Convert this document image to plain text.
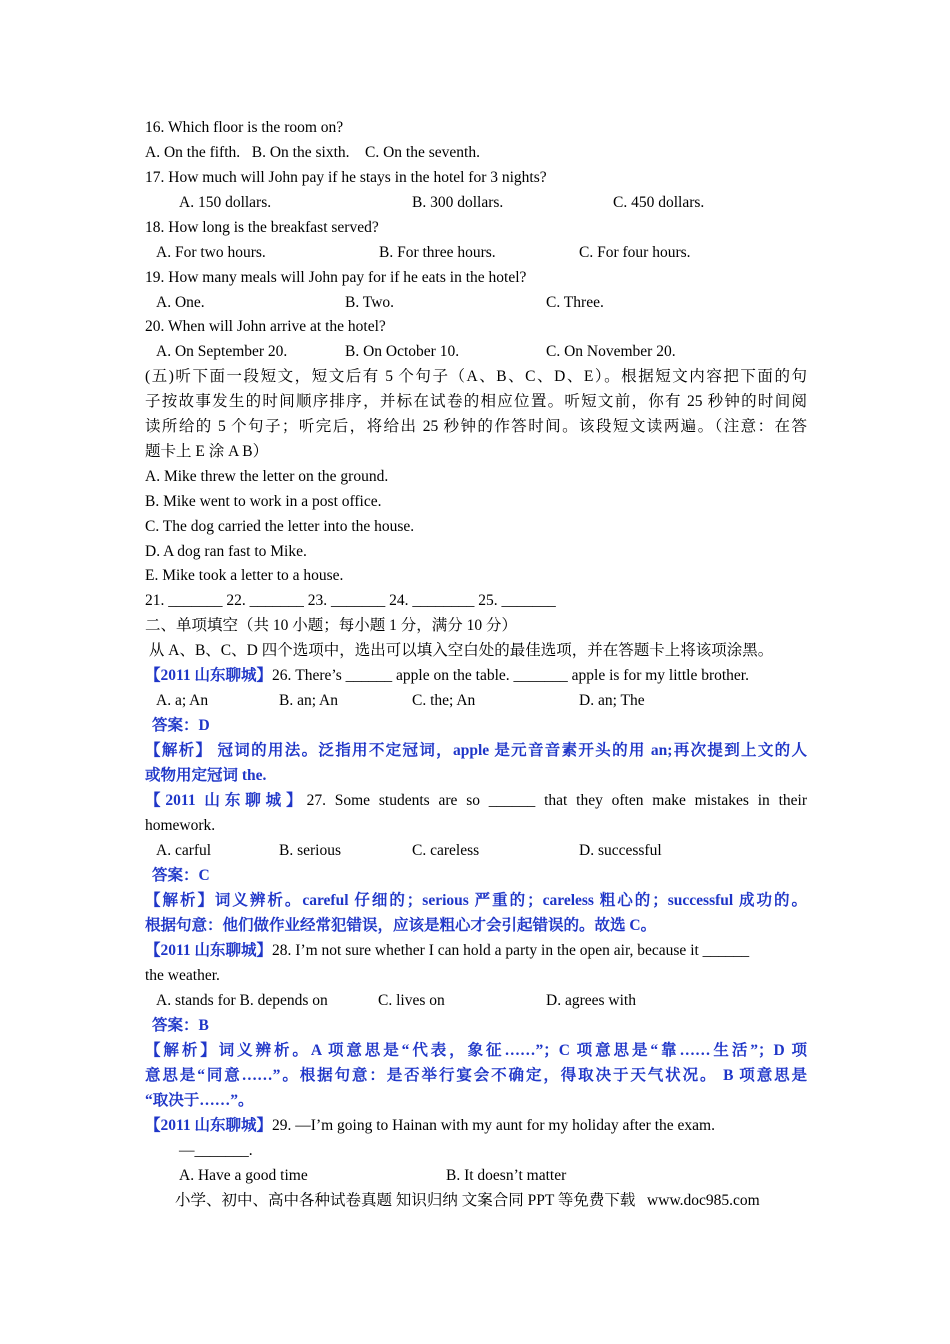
16. Which floor is the room on?
A. On the fifth.   B. On the sixth.    C. On the seventh.
17. How much will John pay if he stays in the hotel for 3 nights?
A. 150 dollars.	B. 300 dollars.	C. 450 dollars.
18. How long is the breakfast served?
A. For two hours.	B. For three hours.	C. For four hours.
19. How many meals will John pay for if he eats in the hotel?
A. One.	B. Two.	C. Three.
20. When will John arrive at the hotel?
A. On September 20.	B. On October 10.	C. On November 20.
(五)听下面一段短文，短文后有 5 个句子（A、B、C、D、E）。根据短文内容把下面的句
子按故事发生的时间顺序排序，并标在试卷的相应位置。听短文前，你有 25 秒钟的时间阅
读所给的 5 个句子；听完后，将给出 25 秒钟的作答时间。该段短文读两遍。（注意：在答
题卡上 E 涂 A B）
A. Mike threw the letter on the ground.
B. Mike went to work in a post office.
C. The dog carried the letter into the house.
D. A dog ran fast to Mike.
E. Mike took a letter to a house.
21. _______ 22. _______ 23. _______ 24. ________ 25. _______
二、单项填空（共 10 小题；每小题 1 分，满分 10 分）
从 A、B、C、D 四个选项中，选出可以填入空白处的最佳选项，并在答题卡上将该项涂黑。
【2011 山东聊城】26. There’s ______ apple on the table. _______ apple is for my little brother.
A. a; An	B. an; An	C. the; An	D. an; The
答案：D
【解析】 冠词的用法。泛指用不定冠词，apple 是元音音素开头的用 an;再次提到上文的人
或物用定冠词 the.
【2011 山东聊城】27. Some students are so ______ that they often make mistakes in their
homework.
A. carful	B. serious	C. careless	D. successful
答案：C
【解析】词义辨析。careful 仔细的；serious 严重的；careless 粗心的；successful 成功的。
根据句意：他们做作业经常犯错误，应该是粗心才会引起错误的。故选 C。
【2011 山东聊城】28. I’m not sure whether I can hold a party in the open air, because it ______
the weather.
A. stands for B. depends on	C. lives on	D. agrees with
答案：B
【解析】词义辨析。A 项意思是“代表，象征……”；C 项意思是“靠……生活”；D 项
意思是“同意……”。根据句意：是否举行宴会不确定，得取决于天气状况。 B 项意思是
“取决于……”。
【2011 山东聊城】29. —I’m going to Hainan with my aunt for my holiday after the exam.
—_______.
A. Have a good time	B. It doesn’t matter
小学、初中、高中各种试卷真题 知识归纳 文案合同 PPT 等免费下载   www.doc985.com
